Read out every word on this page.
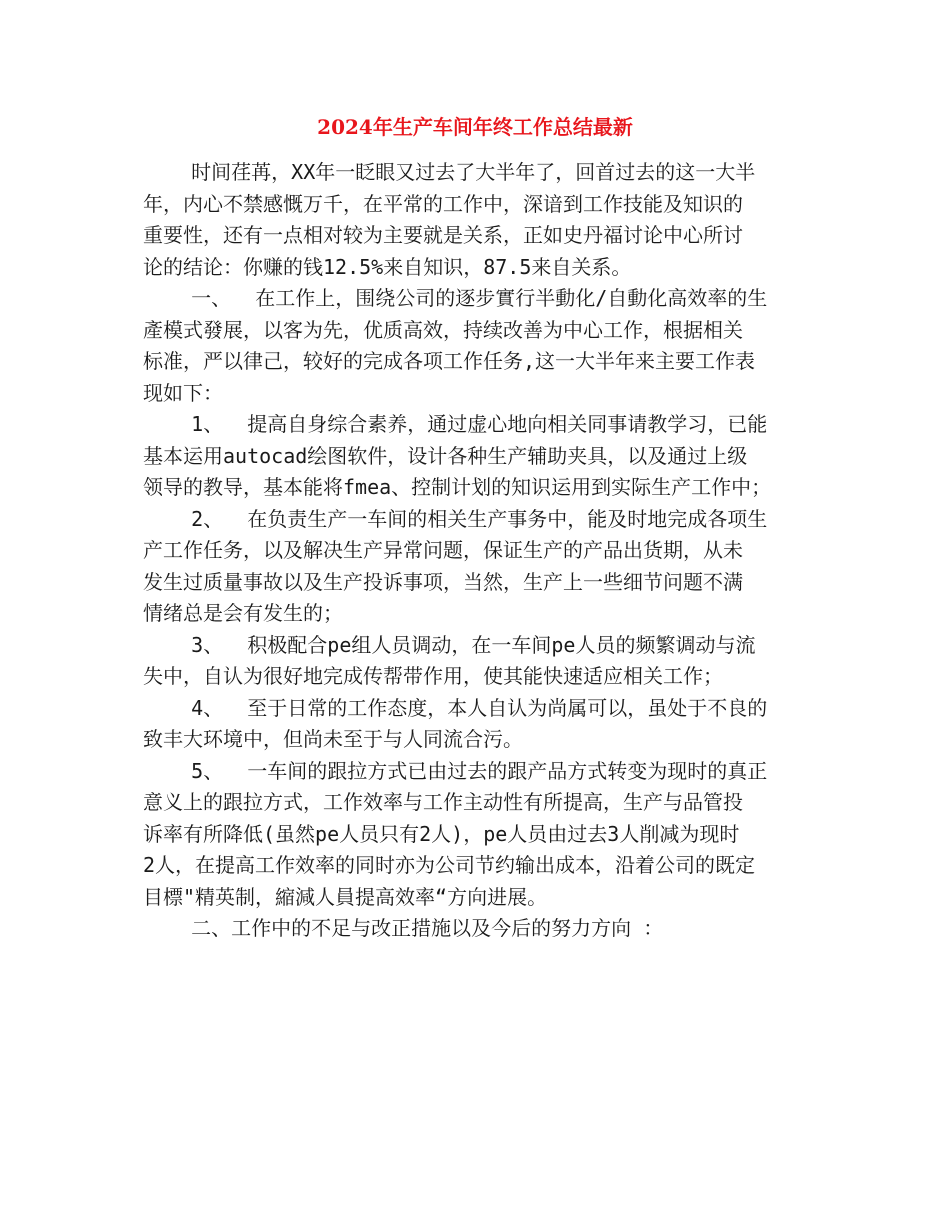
2024年生产车间年终工作总结最新
时间荏苒，XX年一眨眼又过去了大半年了，回首过去的这一大半
年，内心不禁感慨万千，在平常的工作中，深谙到工作技能及知识的
重要性，还有一点相对较为主要就是关系，正如史丹福讨论中心所讨
论的结论：你赚的钱12.5%来自知识，87.5来自关系。
一、  在工作上，围绕公司的逐步實行半動化/自動化高效率的生
產模式發展，以客为先，优质高效，持续改善为中心工作，根据相关
标准，严以律己，较好的完成各项工作任务,这一大半年来主要工作表
现如下：
1、  提高自身综合素养，通过虚心地向相关同事请教学习，已能
基本运用autocad绘图软件，设计各种生产辅助夹具，以及通过上级
领导的教导，基本能将fmea、控制计划的知识运用到实际生产工作中；
2、  在负责生产一车间的相关生产事务中，能及时地完成各项生
产工作任务，以及解决生产异常问题，保证生产的产品出货期，从未
发生过质量事故以及生产投诉事项，当然，生产上一些细节问题不满
情绪总是会有发生的；
3、  积极配合pe组人员调动，在一车间pe人员的频繁调动与流
失中，自认为很好地完成传帮带作用，使其能快速适应相关工作；
4、  至于日常的工作态度，本人自认为尚属可以，虽处于不良的
致丰大环境中，但尚未至于与人同流合污。
5、  一车间的跟拉方式已由过去的跟产品方式转变为现时的真正
意义上的跟拉方式，工作效率与工作主动性有所提高，生产与品管投
诉率有所降低(虽然pe人员只有2人)，pe人员由过去3人削减为现时
2人，在提高工作效率的同时亦为公司节约输出成本，沿着公司的既定
目標"精英制，縮減人員提高效率“方向进展。
二、工作中的不足与改正措施以及今后的努力方向 ：
